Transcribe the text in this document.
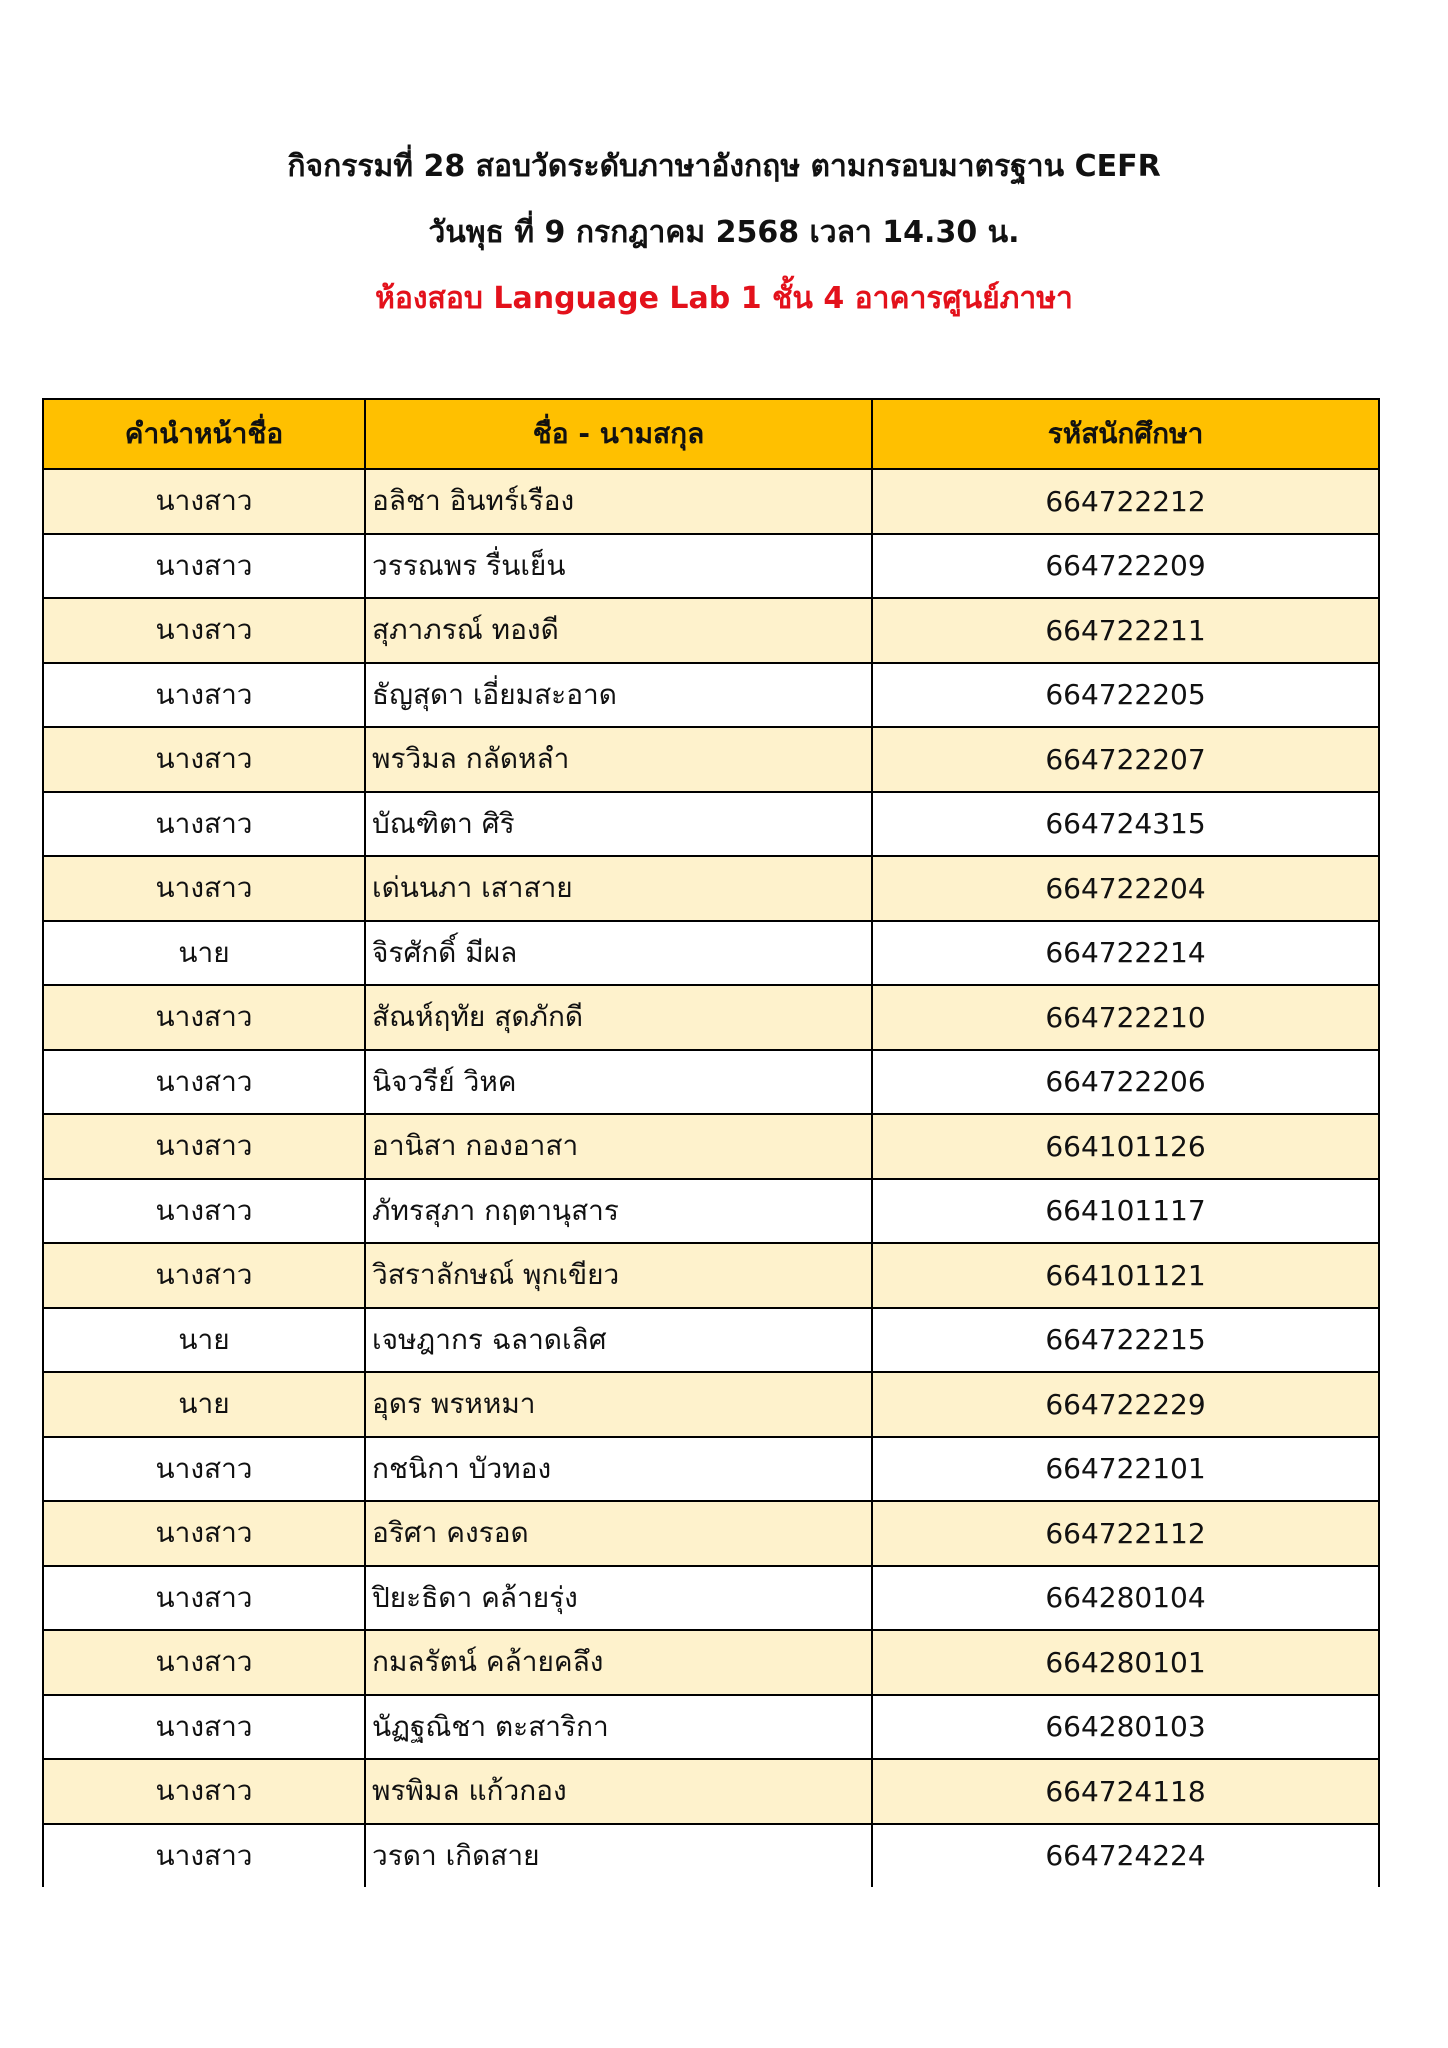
กิจกรรมที่ 28 สอบวัดระดับภาษาอังกฤษ ตามกรอบมาตรฐาน CEFR
วันพุธ ที่ 9 กรกฎาคม 2568 เวลา 14.30 น.
ห้องสอบ Language Lab 1 ชั้น 4 อาคารศูนย์ภาษา
คำนำหน้าชื่อ	ชื่อ - นามสกุล	รหัสนักศึกษา
นางสาว	อลิชา อินทร์เรือง	664722212
นางสาว	วรรณพร รื่นเย็น	664722209
นางสาว	สุภาภรณ์ ทองดี	664722211
นางสาว	ธัญสุดา เอี่ยมสะอาด	664722205
นางสาว	พรวิมล กลัดหลำ	664722207
นางสาว	บัณฑิตา ศิริ	664724315
นางสาว	เด่นนภา เสาสาย	664722204
นาย	จิรศักดิ์ มีผล	664722214
นางสาว	สัณห์ฤทัย สุดภักดี	664722210
นางสาว	นิจวรีย์ วิหค	664722206
นางสาว	อานิสา กองอาสา	664101126
นางสาว	ภัทรสุภา กฤตานุสาร	664101117
นางสาว	วิสราลักษณ์ พุกเขียว	664101121
นาย	เจษฎากร ฉลาดเลิศ	664722215
นาย	อุดร พรหหมา	664722229
นางสาว	กชนิกา บัวทอง	664722101
นางสาว	อริศา คงรอด	664722112
นางสาว	ปิยะธิดา คล้ายรุ่ง	664280104
นางสาว	กมลรัตน์ คล้ายคลึง	664280101
นางสาว	นัฏฐณิชา ตะสาริกา	664280103
นางสาว	พรพิมล แก้วกอง	664724118
นางสาว	วรดา เกิดสาย	664724224
